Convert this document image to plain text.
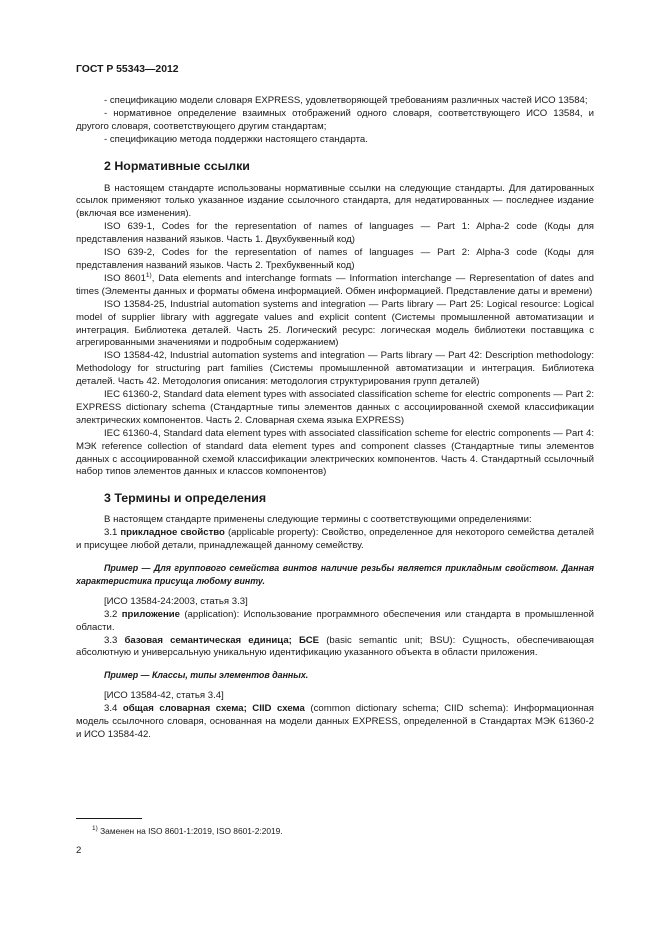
ГОСТ Р 55343—2012

- спецификацию модели словаря EXPRESS, удовлетворяющей требованиям различных частей ИСО 13584;

- нормативное определение взаимных отображений одного словаря, соответствующего ИСО 13584, и другого словаря, соответствующего другим стандартам;

- спецификацию метода поддержки настоящего стандарта.

2 Нормативные ссылки

В настоящем стандарте использованы нормативные ссылки на следующие стандарты. Для датированных ссылок применяют только указанное издание ссылочного стандарта, для недатированных — последнее издание (включая все изменения).

ISO 639-1, Codes for the representation of names of languages — Part 1: Alpha-2 code (Коды для представления названий языков. Часть 1. Двухбуквенный код)

ISO 639-2, Codes for the representation of names of languages — Part 2: Alpha-3 code (Коды для представления названий языков. Часть 2. Трехбуквенный код)

ISO 8601$^{1)}$, Data elements and interchange formats — Information interchange — Representation of dates and times (Элементы данных и форматы обмена информацией. Обмен информацией. Представление даты и времени)

ISO 13584-25, Industrial automation systems and integration — Parts library — Part 25: Logical resource: Logical model of supplier library with aggregate values and explicit content (Системы промышленной автоматизации и интеграция. Библиотека деталей. Часть 25. Логический ресурс: логическая модель библиотеки поставщика с агрегированными значениями и подробным содержанием)

ISO 13584-42, Industrial automation systems and integration — Parts library — Part 42: Description methodology: Methodology for structuring part families (Системы промышленной автоматизации и интеграция. Библиотека деталей. Часть 42. Методология описания: методология структурирования групп деталей)

IEC 61360-2, Standard data element types with associated classification scheme for electric components — Part 2: EXPRESS dictionary schema (Стандартные типы элементов данных с ассоциированной схемой классификации электрических компонентов. Часть 2. Словарная схема языка EXPRESS)

IEC 61360-4, Standard data element types with associated classification scheme for electric components — Part 4: МЭК reference collection of standard data element types and component classes (Стандартные типы элементов данных с ассоциированной схемой классификации электрических компонентов. Часть 4. Стандартный ссылочный набор типов элементов данных и классов компонентов)

3 Термины и определения

В настоящем стандарте применены следующие термины с соответствующими определениями:

3.1 прикладное свойство (applicable property): Свойство, определенное для некоторого семейства деталей и присущее любой детали, принадлежащей данному семейству.

Пример — Для группового семейства винтов наличие резьбы является прикладным свойством. Данная характеристика присуща любому винту.

[ИСО 13584-24:2003, статья 3.3]

3.2 приложение (application): Использование программного обеспечения или стандарта в промышленной области.

3.3 базовая семантическая единица; БСЕ (basic semantic unit; BSU): Сущность, обеспечивающая абсолютную и универсальную уникальную идентификацию указанного объекта в области приложения.

Пример — Классы, типы элементов данных.

[ИСО 13584-42, статья 3.4]

3.4 общая словарная схема; CIID схема (common dictionary schema; CIID schema): Информационная модель ссылочного словаря, основанная на модели данных EXPRESS, определенной в Стандартах МЭК 61360-2 и ИСО 13584-42.

$^{1)}$ Заменен на ISO 8601-1:2019, ISO 8601-2:2019.
2
